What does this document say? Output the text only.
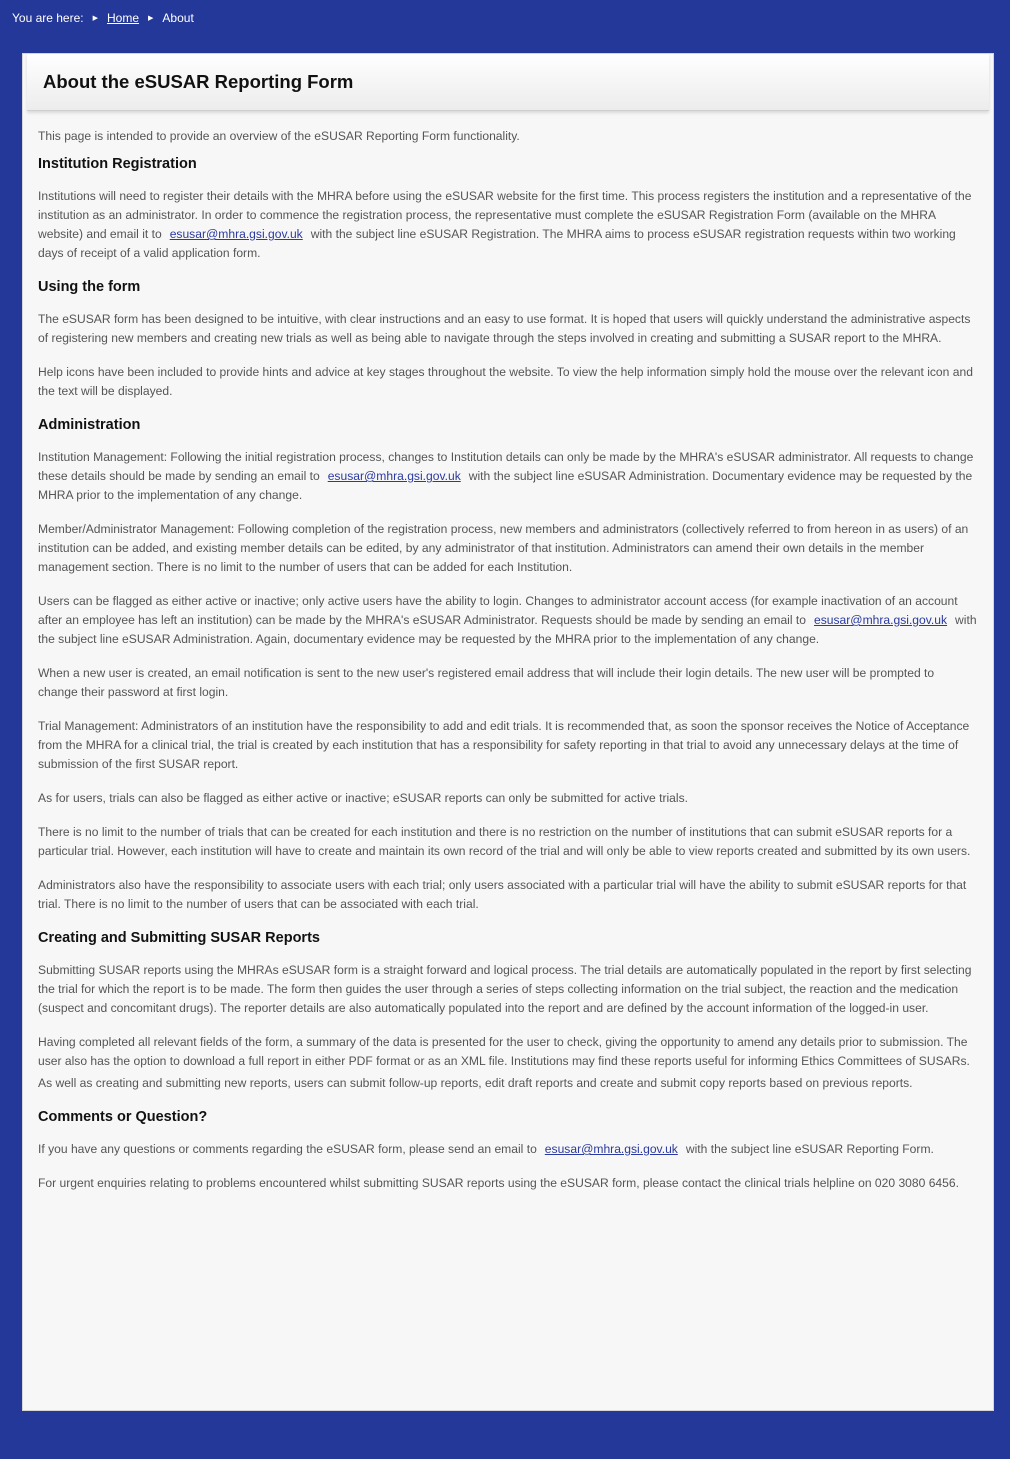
You are here: ▶ Home ▶ About
About the eSUSAR Reporting Form

This page is intended to provide an overview of the eSUSAR Reporting Form functionality.

Institution Registration

Institutions will need to register their details with the MHRA before using the eSUSAR website for the first time. This process registers the institution and a representative of the institution as an administrator. In order to commence the registration process, the representative must complete the eSUSAR Registration Form (available on the MHRA website) and email it to esusar@mhra.gsi.gov.uk with the subject line eSUSAR Registration. The MHRA aims to process eSUSAR registration requests within two working days of receipt of a valid application form.

Using the form

The eSUSAR form has been designed to be intuitive, with clear instructions and an easy to use format. It is hoped that users will quickly understand the administrative aspects of registering new members and creating new trials as well as being able to navigate through the steps involved in creating and submitting a SUSAR report to the MHRA.

Help icons have been included to provide hints and advice at key stages throughout the website. To view the help information simply hold the mouse over the relevant icon and the text will be displayed.

Administration

Institution Management: Following the initial registration process, changes to Institution details can only be made by the MHRA's eSUSAR administrator. All requests to change these details should be made by sending an email to esusar@mhra.gsi.gov.uk with the subject line eSUSAR Administration. Documentary evidence may be requested by the MHRA prior to the implementation of any change.

Member/Administrator Management: Following completion of the registration process, new members and administrators (collectively referred to from hereon in as users) of an institution can be added, and existing member details can be edited, by any administrator of that institution. Administrators can amend their own details in the member management section. There is no limit to the number of users that can be added for each Institution.

Users can be flagged as either active or inactive; only active users have the ability to login. Changes to administrator account access (for example inactivation of an account after an employee has left an institution) can be made by the MHRA's eSUSAR Administrator. Requests should be made by sending an email to esusar@mhra.gsi.gov.uk with the subject line eSUSAR Administration. Again, documentary evidence may be requested by the MHRA prior to the implementation of any change.

When a new user is created, an email notification is sent to the new user's registered email address that will include their login details. The new user will be prompted to change their password at first login.

Trial Management: Administrators of an institution have the responsibility to add and edit trials. It is recommended that, as soon the sponsor receives the Notice of Acceptance from the MHRA for a clinical trial, the trial is created by each institution that has a responsibility for safety reporting in that trial to avoid any unnecessary delays at the time of submission of the first SUSAR report.

As for users, trials can also be flagged as either active or inactive; eSUSAR reports can only be submitted for active trials.

There is no limit to the number of trials that can be created for each institution and there is no restriction on the number of institutions that can submit eSUSAR reports for a particular trial. However, each institution will have to create and maintain its own record of the trial and will only be able to view reports created and submitted by its own users.

Administrators also have the responsibility to associate users with each trial; only users associated with a particular trial will have the ability to submit eSUSAR reports for that trial. There is no limit to the number of users that can be associated with each trial.

Creating and Submitting SUSAR Reports

Submitting SUSAR reports using the MHRAs eSUSAR form is a straight forward and logical process. The trial details are automatically populated in the report by first selecting the trial for which the report is to be made. The form then guides the user through a series of steps collecting information on the trial subject, the reaction and the medication (suspect and concomitant drugs). The reporter details are also automatically populated into the report and are defined by the account information of the logged-in user.

Having completed all relevant fields of the form, a summary of the data is presented for the user to check, giving the opportunity to amend any details prior to submission. The user also has the option to download a full report in either PDF format or as an XML file. Institutions may find these reports useful for informing Ethics Committees of SUSARs.

As well as creating and submitting new reports, users can submit follow-up reports, edit draft reports and create and submit copy reports based on previous reports.

Comments or Question?

If you have any questions or comments regarding the eSUSAR form, please send an email to esusar@mhra.gsi.gov.uk with the subject line eSUSAR Reporting Form.

For urgent enquiries relating to problems encountered whilst submitting SUSAR reports using the eSUSAR form, please contact the clinical trials helpline on 020 3080 6456.
